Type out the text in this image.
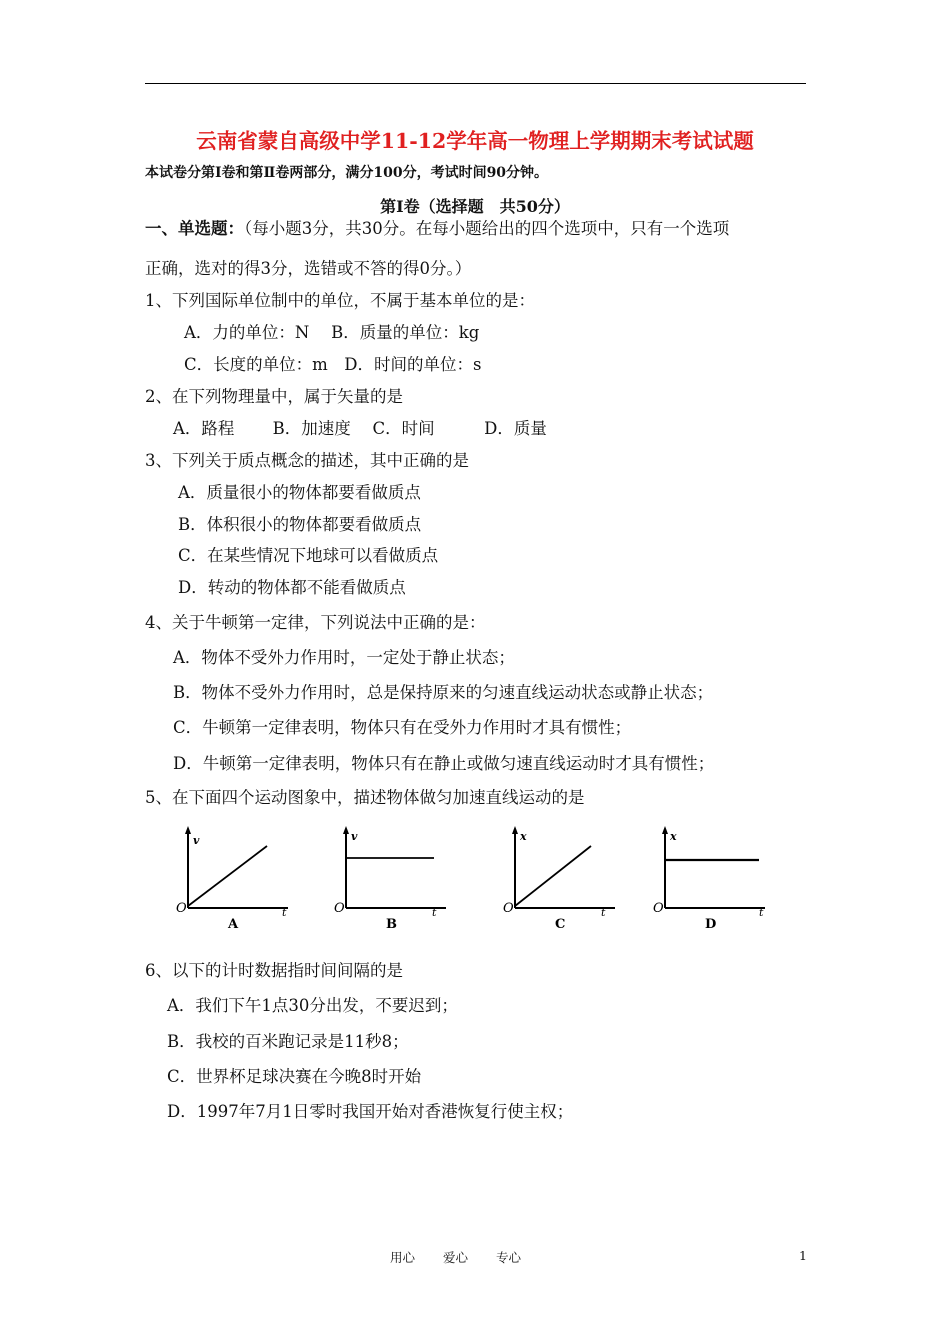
云南省蒙自高级中学11-12学年高一物理上学期期末考试试题
本试卷分第Ⅰ卷和第Ⅱ卷两部分，满分100分，考试时间90分钟。
第Ⅰ卷（选择题　共50分）
一、单选题：（每小题3分，共30分。在每小题给出的四个选项中，只有一个选项
正确，选对的得3分，选错或不答的得0分。）
1、下列国际单位制中的单位，不属于基本单位的是：
A．力的单位：N　 B．质量的单位：kg
C．长度的单位：m　D．时间的单位：s
2、在下列物理量中，属于矢量的是
A．路程　　 B．加速度　 C．时间　　　D．质量
3、下列关于质点概念的描述，其中正确的是
A．质量很小的物体都要看做质点
B．体积很小的物体都要看做质点
C．在某些情况下地球可以看做质点
D．转动的物体都不能看做质点
4、关于牛顿第一定律，下列说法中正确的是：
A．物体不受外力作用时，一定处于静止状态；
B．物体不受外力作用时，总是保持原来的匀速直线运动状态或静止状态；
C．牛顿第一定律表明，物体只有在受外力作用时才具有惯性；
D．牛顿第一定律表明，物体只有在静止或做匀速直线运动时才具有惯性；
5、在下面四个运动图象中，描述物体做匀加速直线运动的是
v
O	t
A
v
O	t
B
x
O	t
C
x
O	t
D
6、以下的计时数据指时间间隔的是
A．我们下午1点30分出发，不要迟到；
B．我校的百米跑记录是11秒8；
C．世界杯足球决赛在今晚8时开始
D．1997年7月1日零时我国开始对香港恢复行使主权；
用心 爱心 专心	1
